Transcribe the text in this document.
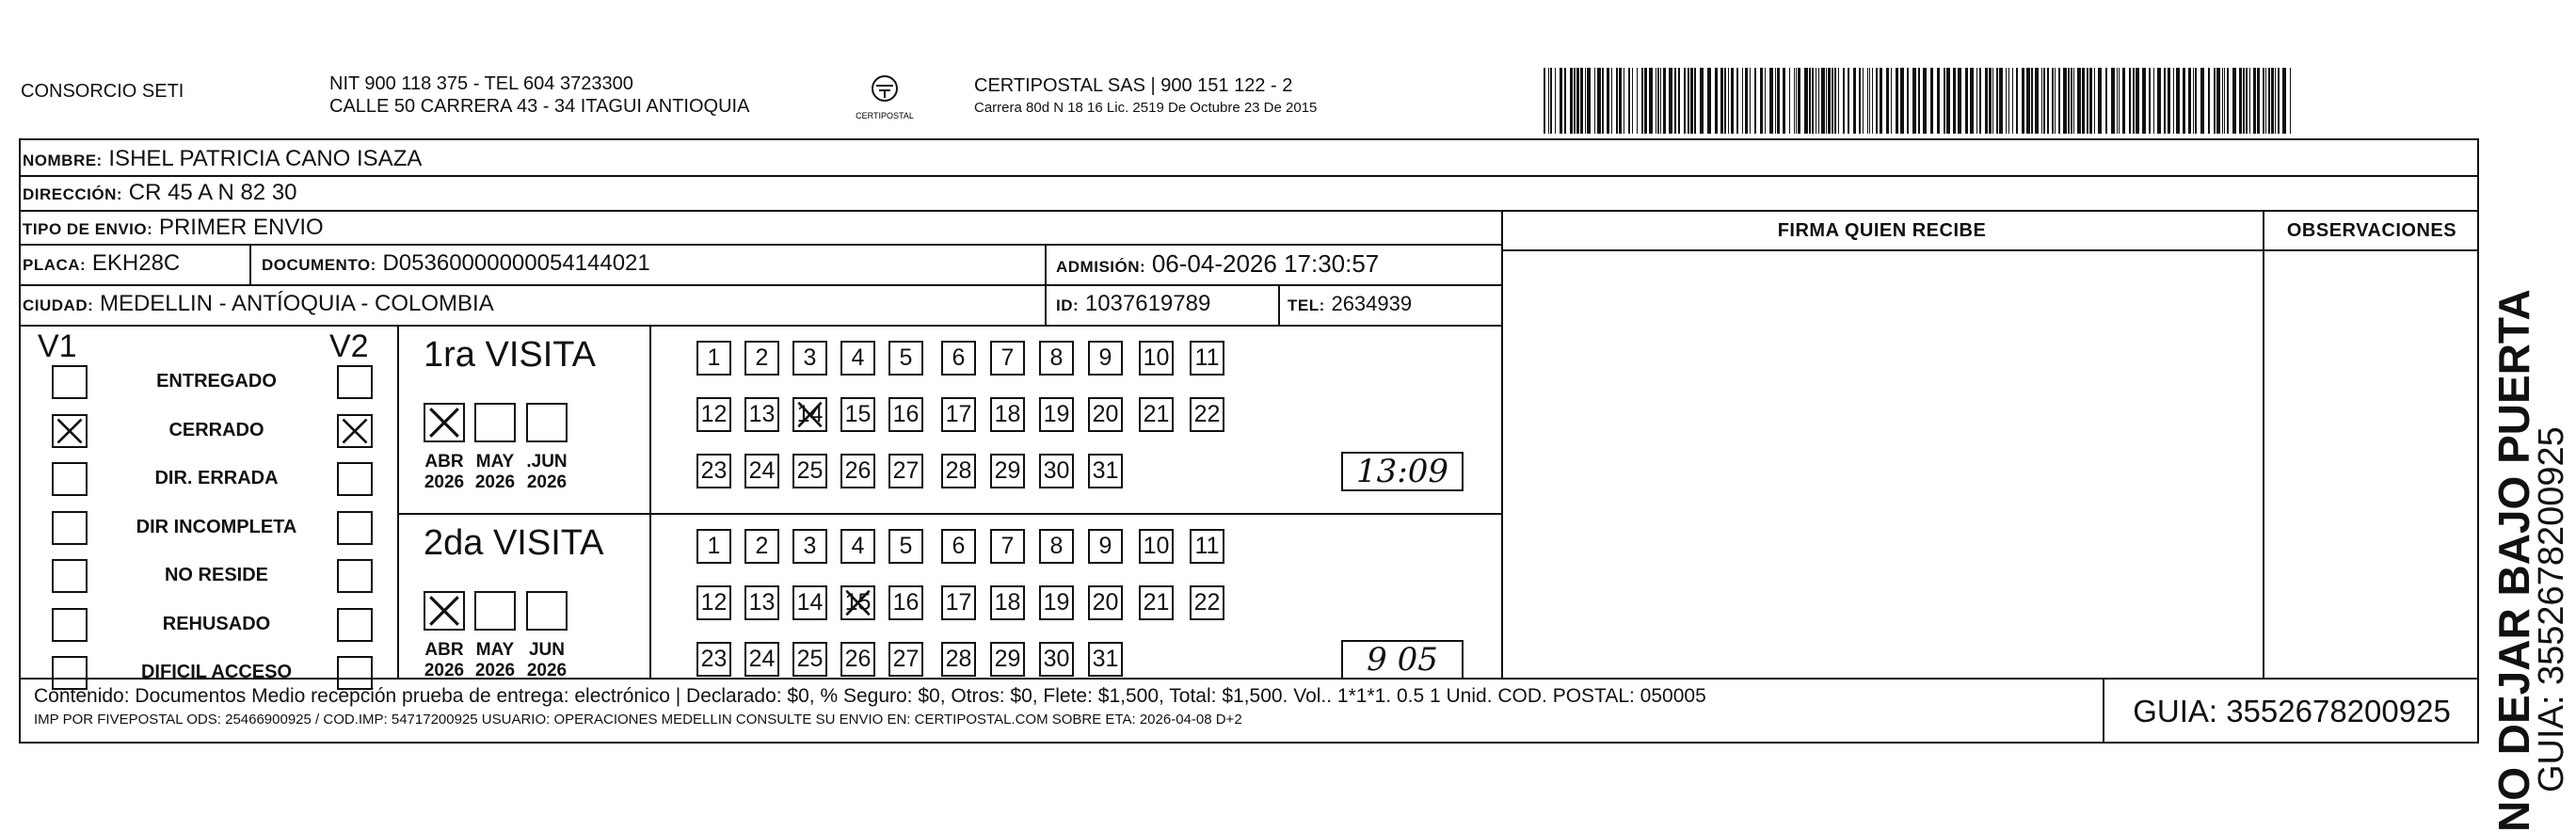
CONSORCIO SETI	NIT 900 118 375 - TEL 604 3723300
CALLE 50 CARRERA 43 - 34 ITAGUI ANTIOQUIA	CERTIPOSTAL
CERTIPOSTAL SAS | 900 151 122 - 2
Carrera 80d N 18 16 Lic. 2519 De Octubre 23 De 2015
NOMBRE: ISHEL PATRICIA CANO ISAZA
DIRECCIÓN: CR 45 A N 82 30
TIPO DE ENVIO: PRIMER ENVIO
PLACA: EKH28C	DOCUMENTO: D05360000000054144021	ADMISIÓN: 06-04-2026 17:30:57
CIUDAD: MEDELLIN - ANTÍOQUIA - COLOMBIA	ID: 1037619789	TEL: 2634939
FIRMA QUIEN RECIBE	OBSERVACIONES
V1	V2
ENTREGADO
CERRADO
DIR. ERRADA
DIR INCOMPLETA
NO RESIDE
REHUSADO
DIFICIL ACCESO
1ra VISITA
ABR
2026
MAY
2026
.JUN
2026
1	2	3	4	5	6	7	8	9	10 11
12 13 14 15 16 17 18 19 20 21 22
23 24 25 26 27 28 29 30 31	13:09
2da VISITA
ABR
2026
MAY
2026
JUN
2026
1	2	3	4	5	6	7	8	9	10 11
12 13 14 15 16 17 18 19 20 21 22
23 24 25 26 27 28 29 30 31	9 05
Contenido: Documentos Medio recepción prueba de entrega: electrónico | Declarado: $0, % Seguro: $0, Otros: $0, Flete: $1,500, Total: $1,500. Vol.. 1*1*1. 0.5 1 Unid. COD. POSTAL: 050005
IMP POR FIVEPOSTAL ODS: 25466900925 / COD.IMP: 54717200925 USUARIO: OPERACIONES MEDELLIN CONSULTE SU ENVIO EN: CERTIPOSTAL.COM SOBRE ETA: 2026-04-08 D+2	GUIA: 3552678200925 NO DEJAR BAJO PUERTA
GUIA: 3552678200925
